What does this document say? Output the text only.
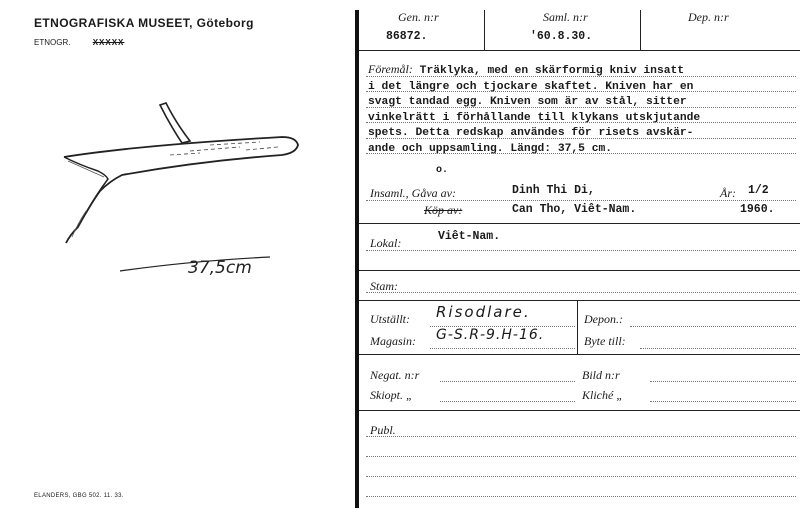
ETNOGRAFISKA MUSEET, Göteborg
ETNOGR.	XXXXX
37,5cm
ELANDERS, GBG 502. 11. 33.
Gen. n:r
86872.
Saml. n:r
'60.8.30.
Dep. n:r
Föremål: Träklyka, med en skärformig kniv insatt
i det längre och tjockare skaftet. Kniven har en
svagt tandad egg. Kniven som är av stål, sitter
vinkelrätt i förhållande till klykans utskjutande
spets. Detta redskap användes för risets avskär-
ande och uppsamling. Längd: 37,5 cm.
o.
Insaml., Gåva av:	Dinh Thi Di,	År: 1/2
Köp av:	Can Tho, Viêt-Nam.	1960.
Lokal:	Viêt-Nam.
Stam:
Utställt: Risodlare.
Magasin: G-S.R-9.H-16.
Depon.:
Byte till:
Negat. n:r
Skiopt. „
Bild n:r
Kliché „
Publ.
